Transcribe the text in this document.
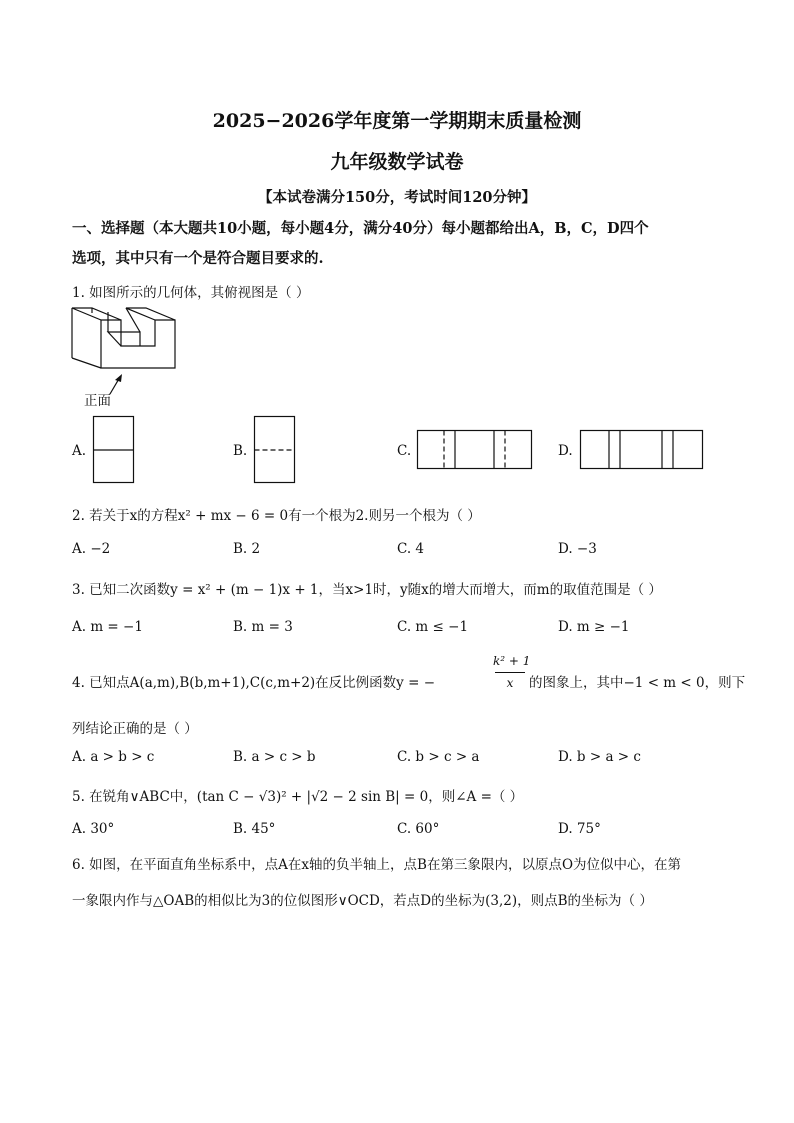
2025−2026学年度第一学期期末质量检测
九年级数学试卷
【本试卷满分150分，考试时间120分钟】
一、选择题（本大题共10小题，每小题4分，满分40分）每小题都给出A，B，C，D四个
选项，其中只有一个是符合题目要求的.
1. 如图所示的几何体，其俯视图是（ ）
正面
A.	B.	C.	D.
2. 若关于x的方程x² + mx − 6 = 0有一个根为2.则另一个根为（ ）
A. −2	B. 2	C. 4	D. −3
3. 已知二次函数y = x² + (m − 1)x + 1，当x>1时，y随x的增大而增大，而m的取值范围是（ ）
A. m = −1	B. m = 3	C. m ≤ −1	D. m ≥ −1
4. 已知点A(a,m),B(b,m+1),C(c,m+2)在反比例函数y = −
k² + 1
x	的图象上，其中−1 < m < 0，则下
列结论正确的是（ ）
A. a > b > c	B. a > c > b	C. b > c > a	D. b > a > c
5. 在锐角∨ABC中，(tan C − √3)² + |√2 − 2 sin B| = 0，则∠A =（ ）
A. 30°	B. 45°	C. 60°	D. 75°
6. 如图，在平面直角坐标系中，点A在x轴的负半轴上，点B在第三象限内，以原点O为位似中心，在第
一象限内作与△OAB的相似比为3的位似图形∨OCD，若点D的坐标为(3,2)，则点B的坐标为（ ）
